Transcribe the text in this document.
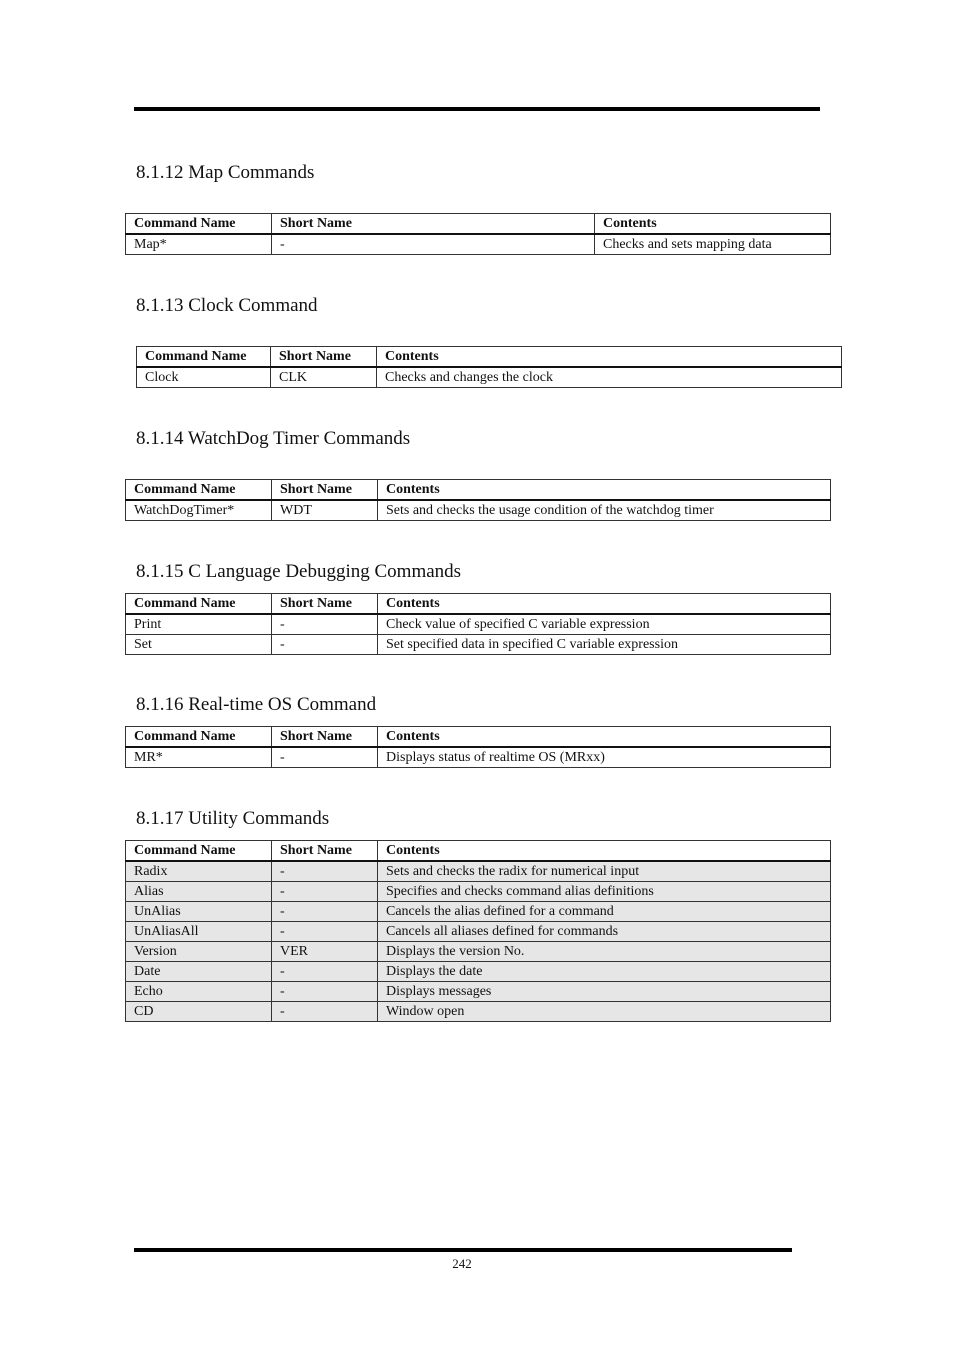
8.1.12 Map Commands
Command Name	Short Name	Contents
Map*	-	Checks and sets mapping data
8.1.13 Clock Command
Command Name	Short Name	Contents
Clock	CLK	Checks and changes the clock
8.1.14 WatchDog Timer Commands
Command Name	Short Name	Contents
WatchDogTimer*	WDT	Sets and checks the usage condition of the watchdog timer
8.1.15 C Language Debugging Commands
Command Name	Short Name	Contents
Print	-	Check value of specified C variable expression
Set	-	Set specified data in specified C variable expression
8.1.16 Real-time OS Command
Command Name	Short Name	Contents
MR*	-	Displays status of realtime OS (MRxx)
8.1.17 Utility Commands
Command Name	Short Name	Contents
Radix	-	Sets and checks the radix for numerical input
Alias	-	Specifies and checks command alias definitions
UnAlias	-	Cancels the alias defined for a command
UnAliasAll	-	Cancels all aliases defined for commands
Version	VER	Displays the version No.
Date	-	Displays the date
Echo	-	Displays messages
CD	-	Window open
242
